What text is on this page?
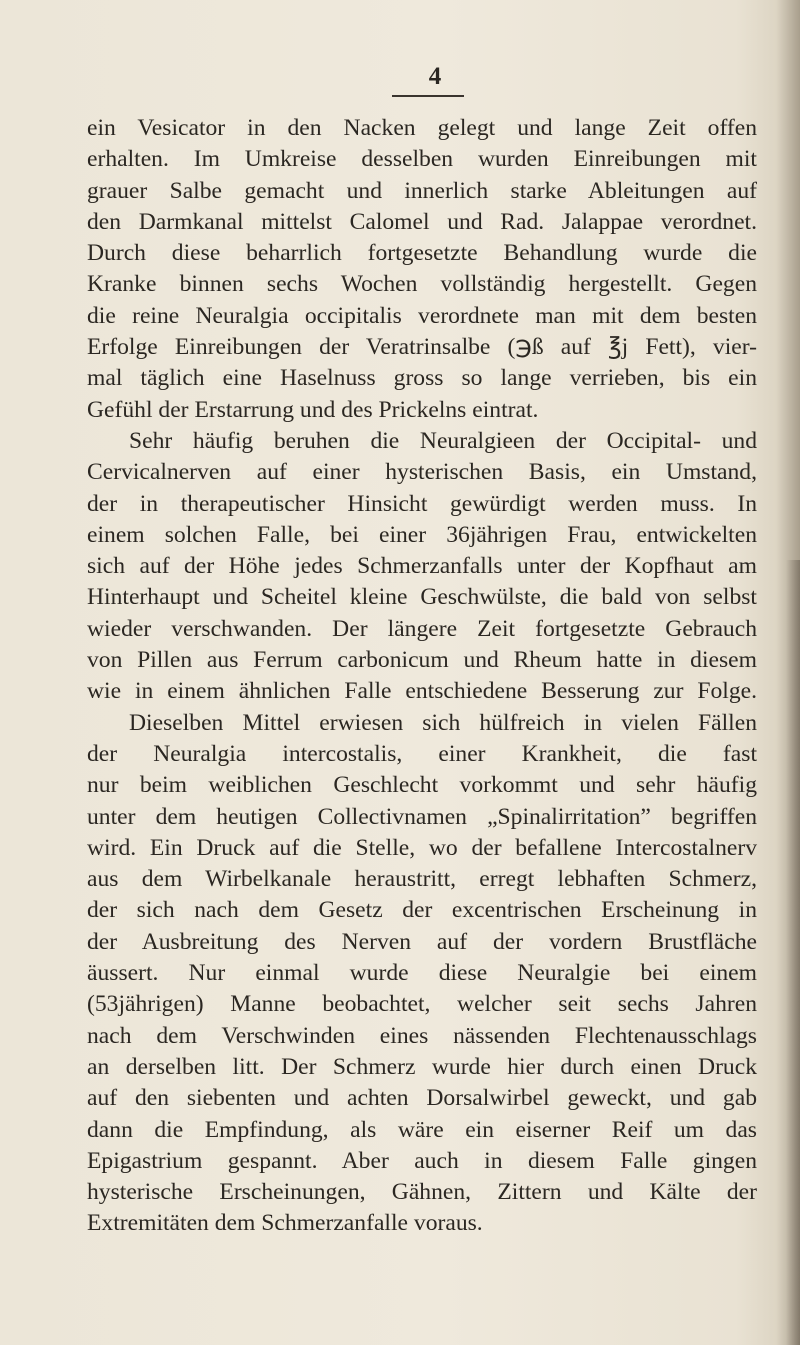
4
ein Vesicator in den Nacken gelegt und lange Zeit offen
erhalten. Im Umkreise desselben wurden Einreibungen mit
grauer Salbe gemacht und innerlich starke Ableitungen auf
den Darmkanal mittelst Calomel und Rad. Jalappae verordnet.
Durch diese beharrlich fortgesetzte Behandlung wurde die
Kranke binnen sechs Wochen vollständig hergestellt. Gegen
die reine Neuralgia occipitalis verordnete man mit dem besten
Erfolge Einreibungen der Veratrinsalbe (℈ß auf ℥j Fett), vier-
mal täglich eine Haselnuss gross so lange verrieben, bis ein
Gefühl der Erstarrung und des Prickelns eintrat.
Sehr häufig beruhen die Neuralgieen der Occipital- und
Cervicalnerven auf einer hysterischen Basis, ein Umstand,
der in therapeutischer Hinsicht gewürdigt werden muss. In
einem solchen Falle, bei einer 36jährigen Frau, entwickelten
sich auf der Höhe jedes Schmerzanfalls unter der Kopfhaut am
Hinterhaupt und Scheitel kleine Geschwülste, die bald von selbst
wieder verschwanden. Der längere Zeit fortgesetzte Gebrauch
von Pillen aus Ferrum carbonicum und Rheum hatte in diesem
wie in einem ähnlichen Falle entschiedene Besserung zur Folge.
Dieselben Mittel erwiesen sich hülfreich in vielen Fällen
der Neuralgia intercostalis, einer Krankheit, die fast
nur beim weiblichen Geschlecht vorkommt und sehr häufig
unter dem heutigen Collectivnamen „Spinalirritation” begriffen
wird. Ein Druck auf die Stelle, wo der befallene Intercostalnerv
aus dem Wirbelkanale heraustritt, erregt lebhaften Schmerz,
der sich nach dem Gesetz der excentrischen Erscheinung in
der Ausbreitung des Nerven auf der vordern Brustfläche
äussert. Nur einmal wurde diese Neuralgie bei einem
(53jährigen) Manne beobachtet, welcher seit sechs Jahren
nach dem Verschwinden eines nässenden Flechtenausschlags
an derselben litt. Der Schmerz wurde hier durch einen Druck
auf den siebenten und achten Dorsalwirbel geweckt, und gab
dann die Empfindung, als wäre ein eiserner Reif um das
Epigastrium gespannt. Aber auch in diesem Falle gingen
hysterische Erscheinungen, Gähnen, Zittern und Kälte der
Extremitäten dem Schmerzanfalle voraus.
